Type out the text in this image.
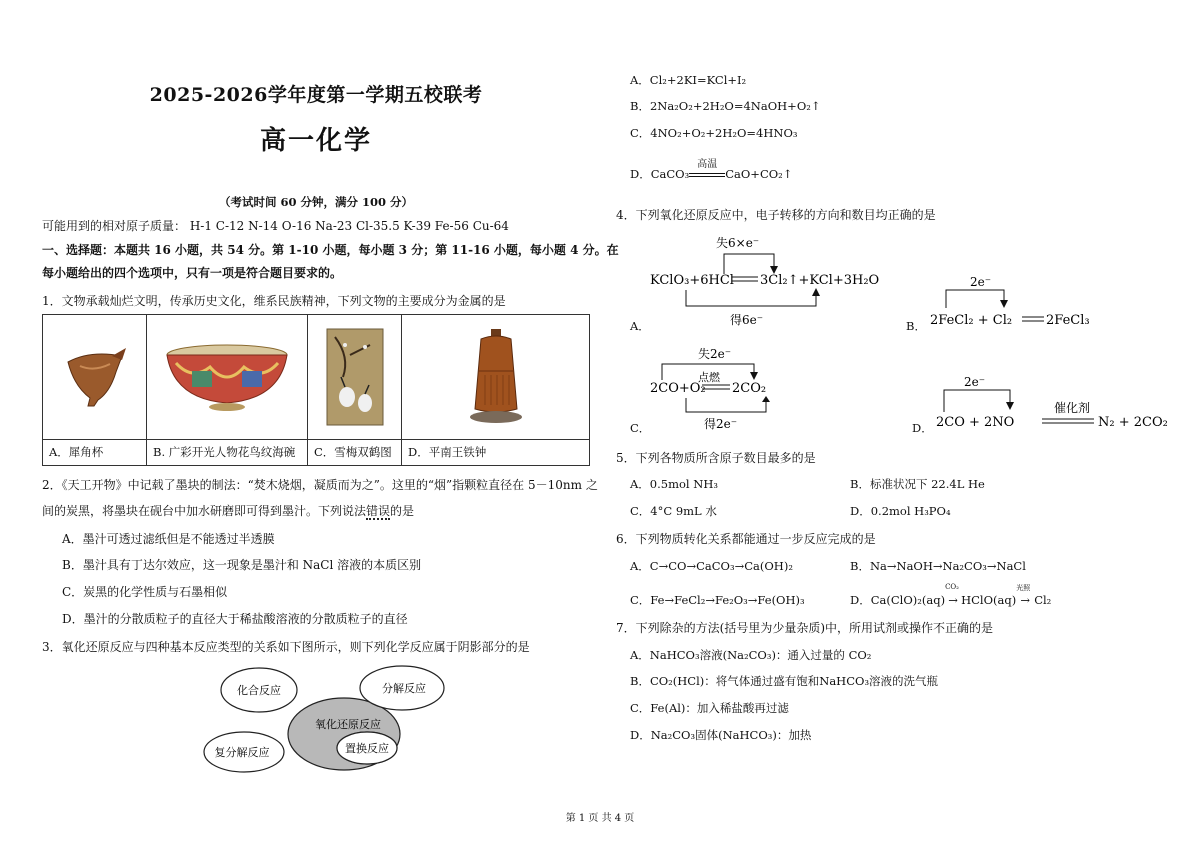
2025-2026学年度第一学期五校联考
高一化学
（考试时间 60 分钟，满分 100 分）
可能用到的相对原子质量： H-1 C-12 N-14 O-16 Na-23 Cl-35.5 K-39 Fe-56 Cu-64
一、选择题：本题共 16 小题，共 54 分。第 1-10 小题，每小题 3 分；第 11-16 小题，每小题 4 分。在
每小题给出的四个选项中，只有一项是符合题目要求的。
1．文物承载灿烂文明，传承历史文化，维系民族精神，下列文物的主要成分为金属的是
A．犀角杯	B. 广彩开光人物花鸟纹海碗	C．雪梅双鹤图	D．平南王铁钟
2．《天工开物》中记载了墨块的制法：“焚木烧烟，凝质而为之”。这里的“烟”指颗粒直径在 5－10nm 之
间的炭黑，将墨块在砚台中加水研磨即可得到墨汁。下列说法错误的是
A．墨汁可透过滤纸但是不能透过半透膜
B．墨汁具有丁达尔效应，这一现象是墨汁和 NaCl 溶液的本质区别
C．炭黑的化学性质与石墨相似
D．墨汁的分散质粒子的直径大于稀盐酸溶液的分散质粒子的直径
3．氧化还原反应与四种基本反应类型的关系如下图所示，则下列化学反应属于阴影部分的是
化合反应	分解反应
氧化还原反应
复分解反应	置换反应
A．Cl₂+2KI=KCl+I₂
B．2Na₂O₂+2H₂O=4NaOH+O₂↑
C．4NO₂+O₂+2H₂O=4HNO₃
D．CaCO₃
高温
CaO+CO₂↑
4．下列氧化还原反应中，电子转移的方向和数目均正确的是
失6×e⁻
KClO₃+6HCl 3Cl₂↑+KCl+3H₂O
得6e⁻
A．
2e⁻
2FeCl₂ + Cl₂	2FeCl₃
B．
失2e⁻
点燃
2CO+O₂ 2CO₂
得2e⁻
C．
2e⁻
催化剂
2CO + 2NO	N₂ + 2CO₂
D．
5．下列各物质所含原子数目最多的是
A．0.5mol NH₃	B．标准状况下 22.4L He
C．4°C 9mL 水	D．0.2mol H₃PO₄
6．下列物质转化关系都能通过一步反应完成的是
A．C→CO→CaCO₃→Ca(OH)₂	B．Na→NaOH→Na₂CO₃→NaCl
C．Fe→FeCl₂→Fe₂O₃→Fe(OH)₃	D．Ca(ClO)₂(aq)
CO₂
→ HClO(aq)
光照
→ Cl₂
7．下列除杂的方法(括号里为少量杂质)中，所用试剂或操作不正确的是
A．NaHCO₃溶液(Na₂CO₃)：通入过量的 CO₂
B．CO₂(HCl)：将气体通过盛有饱和NaHCO₃溶液的洗气瓶
C．Fe(Al)：加入稀盐酸再过滤
D．Na₂CO₃固体(NaHCO₃)：加热
第 1 页 共 4 页
